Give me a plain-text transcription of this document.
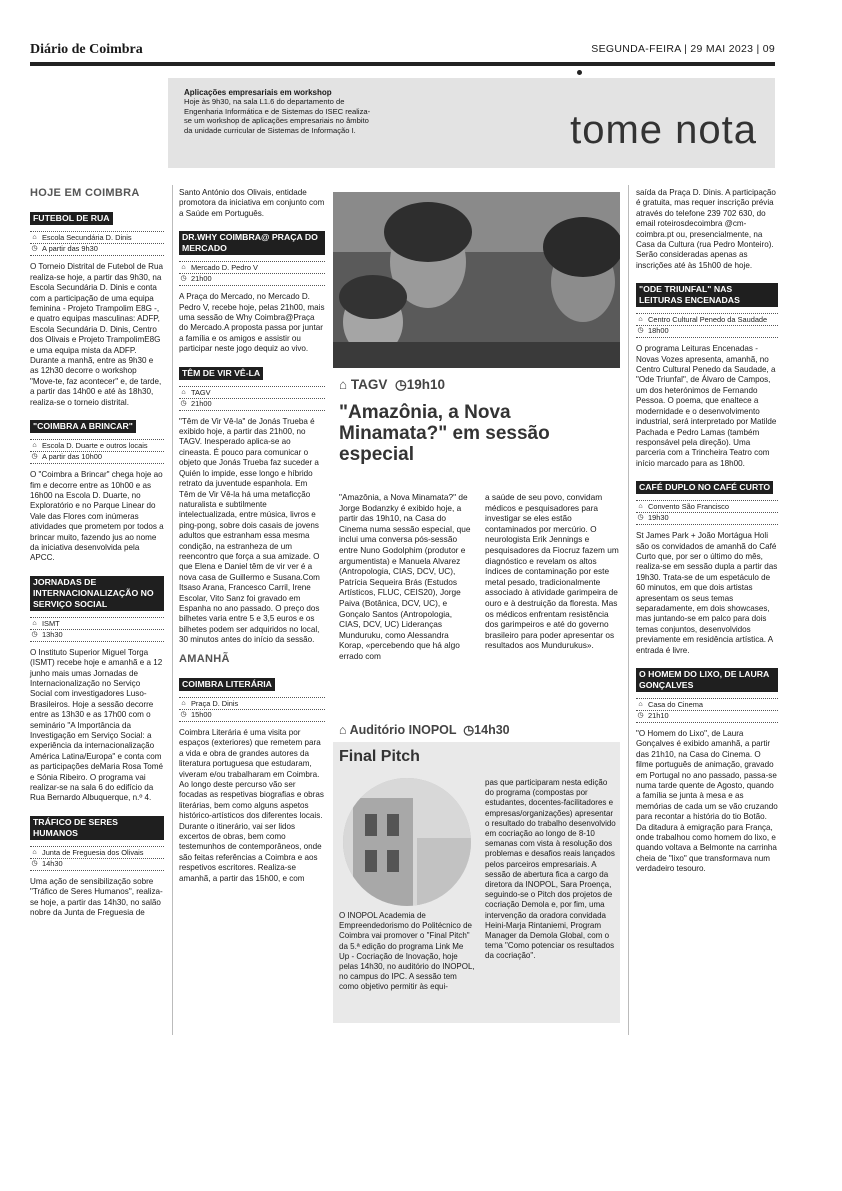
Diário de Coimbra	SEGUNDA-FEIRA | 29 MAI 2023 | 09
Aplicações empresariais em workshop
Hoje às 9h30, na sala L1.6 do departamento de Engenharia Informática e de Sistemas do ISEC realiza-se um workshop de aplicações empresariais no âmbito da unidade curricular de Sistemas de Informação I.	tome nota
HOJE EM COIMBRA
FUTEBOL DE RUA
⌂ Escola Secundária D. Dinis
◷ A partir das 9h30

O Torneio Distrital de Futebol de Rua realiza-se hoje, a partir das 9h30, na Escola Secundária D. Dinis e conta com a participação de uma equipa feminina - Projeto Trampolim E8G -, e quatro equipas masculinas: ADFP, Escola Secundária D. Dinis, Centro dos Olivais e Projeto TrampolimE8G e uma equipa mista da ADFP. Durante a manhã, entre as 9h30 e as 12h30 decorre o workshop "Move-te, faz acontecer" e, de tarde, a partir das 14h00 e até às 18h30, realiza-se o torneio distrital.

"COIMBRA A BRINCAR"
⌂ Escola D. Duarte e outros locais
◷ A partir das 10h00

O "Coimbra a Brincar" chega hoje ao fim e decorre entre as 10h00 e as 16h00 na Escola D. Duarte, no Exploratório e no Parque Linear do Vale das Flores com inúmeras atividades que prometem por todos a brincar muito, fazendo jus ao nome da iniciativa desenvolvida pela APCC.

JORNADAS DE INTERNACIONALIZAÇÃO NO SERVIÇO SOCIAL
⌂ ISMT
◷ 13h30

O Instituto Superior Miguel Torga (ISMT) recebe hoje e amanhã e a 12 junho mais umas Jornadas de Internacionalização no Serviço Social com investigadores Luso-Brasileiros. Hoje a sessão decorre entre as 13h30 e as 17h00 com o seminário "A Importância da Investigação em Serviço Social: a experiência da internacionalização América Latina/Europa" e conta com as participações deMaria Rosa Tomé e Sónia Ribeiro. O programa vai realizar-se na sala 6 do edifício da Rua Bernardo Albuquerque, n.º 4.

TRÁFICO DE SERES HUMANOS
⌂ Junta de Freguesia dos Olivais
◷ 14h30

Uma ação de sensibilização sobre "Tráfico de Seres Humanos", realiza-se hoje, a partir das 14h30, no salão nobre da Junta de Freguesia de

Santo António dos Olivais, entidade promotora da iniciativa em conjunto com a Saúde em Português.

DR.WHY COIMBRA@ PRAÇA DO MERCADO
⌂ Mercado D. Pedro V
◷ 21h00

A Praça do Mercado, no Mercado D. Pedro V, recebe hoje, pelas 21h00, mais uma sessão de Why Coimbra@Praça do Mercado.A proposta passa por juntar a família e os amigos e assistir ou participar neste jogo dequiz ao vivo.

TÊM DE VIR VÊ-LA
⌂ TAGV
◷ 21h00

"Têm de Vir Vê-la" de Jonás Trueba é exibido hoje, a partir das 21h00, no TAGV. Inesperado aplica-se ao cineasta. É pouco para comunicar o objeto que Jonás Trueba faz suceder a Quién lo impide, esse longo e híbrido retrato da juventude espanhola. Em Têm de Vir Vê-la há uma metaficção naturalista e subtilmente intelectualizada, entre música, livros e ping-pong, sobre dois casais de jovens adultos que estranham essa mesma condição, na estranheza de um reencontro que força a sua amizade. O que Elena e Daniel têm de vir ver é a nova casa de Guillermo e Susana.Com Itsaso Arana, Francesco Carril, Irene Escolar, Vito Sanz foi gravado em Espanha no ano passado. O preço dos bilhetes varia entre 5 e 3,5 euros e os bilhetes podem ser adquiridos no local, 30 minutos antes do início da sessão.

AMANHÃ
COIMBRA LITERÁRIA
⌂ Praça D. Dinis
◷ 15h00

Coimbra Literária é uma visita por espaços (exteriores) que remetem para a vida e obra de grandes autores da literatura portuguesa que estudaram, viveram e/ou trabalharam em Coimbra. Ao longo deste percurso vão ser focadas as respetivas biografias e obras literárias, bem como alguns aspetos histórico-artísticos dos diferentes locais. Durante o itinerário, vai ser lidos excertos de obras, bem como testemunhos de contemporâneos, onde são feitas referências a Coimbra e aos respetivos escritores. Realiza-se amanhã, a partir das 15h00, e com

⌂ TAGV ◷19h10
"Amazônia, a Nova Minamata?" em sessão especial
"Amazônia, a Nova Minamata?" de Jorge Bodanzky é exibido hoje, a partir das 19h10, na Casa do Cinema numa sessão especial, que inclui uma conversa pós-sessão entre Nuno Godolphim (produtor e argumentista) e Manuela Alvarez (Antropologia, CIAS, DCV, UC), Patrícia Sequeira Brás (Estudos Artísticos, FLUC, CEIS20), Jorge Paiva (Botânica, DCV, UC), e Gonçalo Santos (Antropologia, CIAS, DCV, UC) Lideranças Munduruku, como Alessandra Korap, «percebendo que há algo errado com
a saúde de seu povo, convidam médicos e pesquisadores para investigar se eles estão contaminados por mercúrio. O neurologista Erik Jennings e pesquisadores da Fiocruz fazem um diagnóstico e revelam os altos índices de contaminação por este metal pesado, tradicionalmente associado à atividade garimpeira de ouro e à destruição da floresta. Mas os médicos enfrentam resistência dos garimpeiros e até do governo brasileiro para poder apresentar os resultados aos Mundurukus».
⌂ Auditório INOPOL ◷14h30
Final Pitch
O INOPOL Academia de Empreendedorismo do Politécnico de Coimbra vai promover o "Final Pitch" da 5.ª edição do programa Link Me Up - Cocriação de Inovação, hoje pelas 14h30, no auditório do INOPOL, no campus do IPC. A sessão tem como objetivo permitir às equi-
pas que participaram nesta edição do programa (compostas por estudantes, docentes-facilitadores e empresas/organizações) apresentar o resultado do trabalho desenvolvido em cocriação ao longo de 8-10 semanas com vista à resolução dos problemas e desafios reais lançados pelos parceiros empresariais. A sessão de abertura fica a cargo da diretora da INOPOL, Sara Proença, seguindo-se o Pitch dos projetos de cocriação Demola e, por fim, uma intervenção da oradora convidada Heini-Marja Rintaniemi, Program Manager da Demola Global, com o tema "Como potenciar os resultados da cocriação".

saída da Praça D. Dinis. A participação é gratuita, mas requer inscrição prévia através do telefone 239 702 630, do email roteirosdecoimbra @cm-coimbra.pt ou, presencialmente, na Casa da Cultura (rua Pedro Monteiro). Serão consideradas apenas as inscrições até às 15h00 de hoje.

"ODE TRIUNFAL" NAS LEITURAS ENCENADAS
⌂ Centro Cultural Penedo da Saudade
◷ 18h00

O programa Leituras Encenadas - Novas Vozes apresenta, amanhã, no Centro Cultural Penedo da Saudade, a "Ode Triunfal", de Álvaro de Campos, um dos heterónimos de Fernando Pessoa. O poema, que enaltece a modernidade e o desenvolvimento industrial, será interpretado por Matilde Pachada e Pedro Lamas (também responsável pela direção). Uma parceria com a Trincheira Teatro com início marcado para as 18h00.

CAFÉ DUPLO NO CAFÉ CURTO
⌂ Convento São Francisco
◷ 19h30

St James Park + João Mortágua Holi são os convidados de amanhã do Café Curto que, por ser o último do mês, realiza-se em sessão dupla a partir das 19h30. Trata-se de um espetáculo de 60 minutos, em que dois artistas apresentam os seus temas separadamente, em dois showcases, mas juntando-se em palco para dois temas conjuntos, desenvolvidos previamente em residência artística. A entrada é livre.

O HOMEM DO LIXO, DE LAURA GONÇALVES
⌂ Casa do Cinema
◷ 21h10

"O Homem do Lixo", de Laura Gonçalves é exibido amanhã, a partir das 21h10, na Casa do Cinema. O filme português de animação, gravado em Portugal no ano passado, passa-se numa tarde quente de Agosto, quando a família se junta à mesa e as memórias de cada um se vão cruzando para recontar a história do tio Botão. Da ditadura à emigração para França, onde trabalhou como homem do lixo, e quando voltava a Belmonte na carrinha cheia de "lixo" que transformava num verdadeiro tesouro.
